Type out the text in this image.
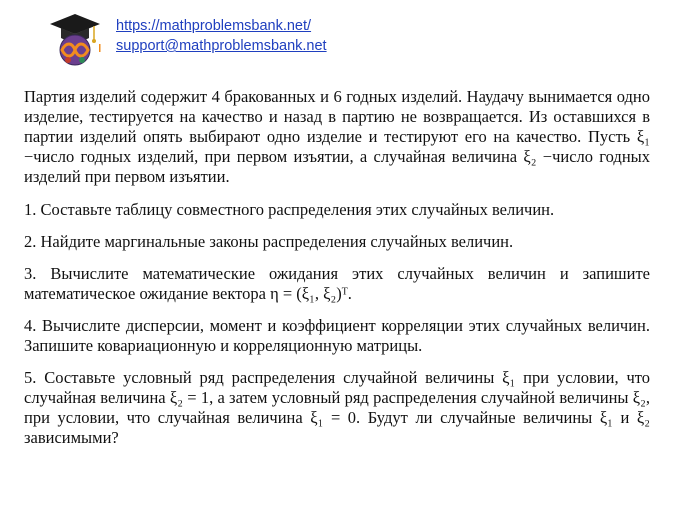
https://mathproblemsbank.net/
support@mathproblemsbank.net

Партия изделий содержит 4 бракованных и 6 годных изделий. Наудачу вынимается одно изделие, тестируется на качество и назад в партию не возвращается. Из оставшихся в партии изделий опять выбирают одно изделие и тестируют его на качество. Пусть ξ₁ −число годных изделий, при первом изъятии, а случайная величина ξ₂ −число годных изделий при первом изъятии.

1. Составьте таблицу совместного распределения этих случайных величин.

2. Найдите маргинальные законы распределения случайных величин.

3. Вычислите математические ожидания этих случайных величин и запишите математическое ожидание вектора η = (ξ₁, ξ₂)ᵀ.

4. Вычислите дисперсии, момент и коэффициент корреляции этих случайных величин. Запишите ковариационную и корреляционную матрицы.

5. Составьте условный ряд распределения случайной величины ξ₁ при условии, что случайная величина ξ₂ = 1, а затем условный ряд распределения случайной величины ξ₂, при условии, что случайная величина ξ₁ = 0. Будут ли случайные величины ξ₁ и ξ₂ зависимыми?
